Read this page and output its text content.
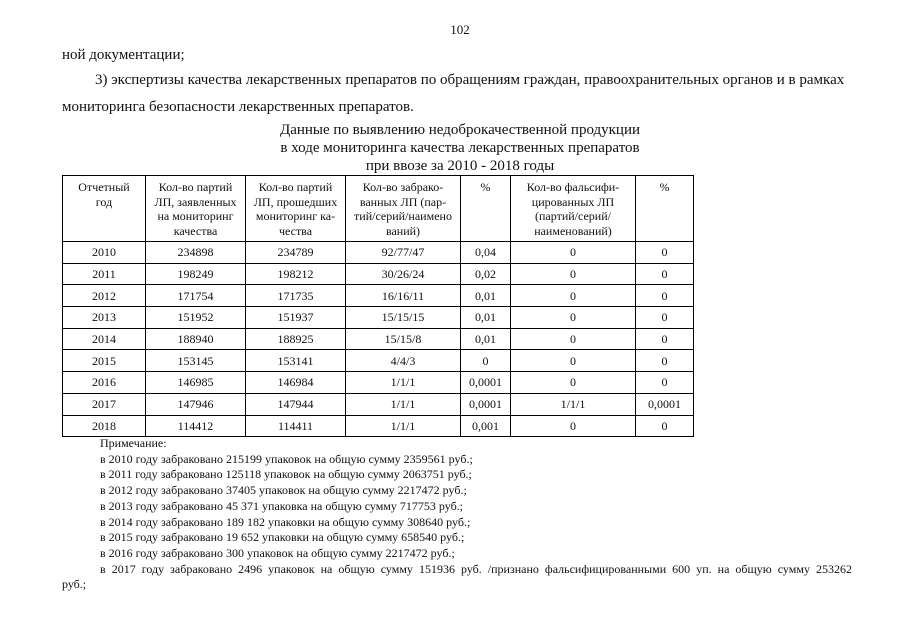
102
ной документации;
3) экспертизы качества лекарственных препаратов по обращениям граждан, правоохранительных органов и в рамках
мониторинга безопасности лекарственных препаратов.
Данные по выявлению недоброкачественной продукции
в ходе мониторинга качества лекарственных препаратов
при ввозе за 2010 - 2018 годы
Отчетный
год	Кол-во партий
ЛП, заявленных
на мониторинг
качества	Кол-во партий
ЛП, прошедших
мониторинг ка-
чества	Кол-во забрако-
ванных ЛП (пар-
тий/серий/наимено
ваний)	%	Кол-во фальсифи-
цированных ЛП
(партий/серий/
наименований)	%
2010	234898	234789	92/77/47	0,04	0	0
2011	198249	198212	30/26/24	0,02	0	0
2012	171754	171735	16/16/11	0,01	0	0
2013	151952	151937	15/15/15	0,01	0	0
2014	188940	188925	15/15/8	0,01	0	0
2015	153145	153141	4/4/3	0	0	0
2016	146985	146984	1/1/1	0,0001	0	0
2017	147946	147944	1/1/1	0,0001	1/1/1	0,0001
2018	114412	114411	1/1/1	0,001	0	0
Примечание:
в 2010 году забраковано 215199 упаковок на общую сумму 2359561 руб.;
в 2011 году забраковано 125118 упаковок на общую сумму 2063751 руб.;
в 2012 году забраковано 37405 упаковок на общую сумму 2217472 руб.;
в 2013 году забраковано 45 371 упаковка на общую сумму 717753 руб.;
в 2014 году забраковано 189 182 упаковки на общую сумму 308640 руб.;
в 2015 году забраковано 19 652 упаковки на общую сумму 658540 руб.;
в 2016 году забраковано 300 упаковок на общую сумму 2217472 руб.;
в 2017 году забраковано 2496 упаковок на общую сумму 151936 руб. /признано фальсифицированными 600 уп. на общую сумму 253262
руб.;
